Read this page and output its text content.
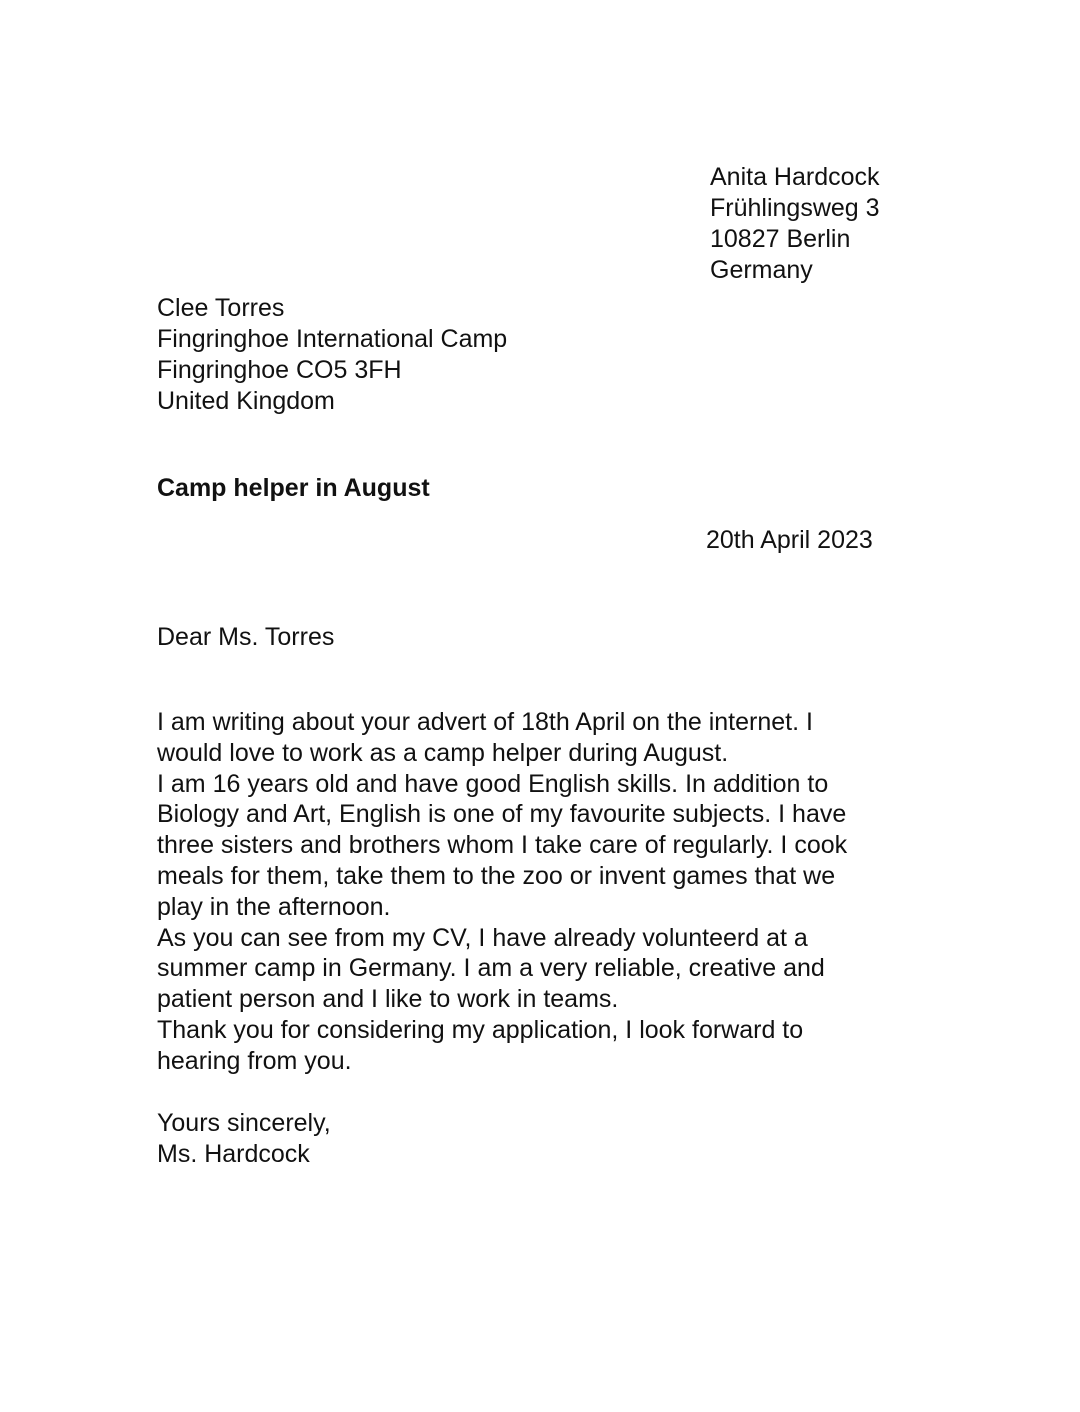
Anita Hardcock
Frühlingsweg 3
10827 Berlin
Germany
Clee Torres
Fingringhoe International Camp
Fingringhoe CO5 3FH
United Kingdom
Camp helper in August
20th April 2023
Dear Ms. Torres
I am writing about your advert of 18th April on the internet. I
would love to work as a camp helper during August.
I am 16 years old and have good English skills. In addition to
Biology and Art, English is one of my favourite subjects. I have
three sisters and brothers whom I take care of regularly. I cook
meals for them, take them to the zoo or invent games that we
play in the afternoon.
As you can see from my CV, I have already volunteerd at a
summer camp in Germany. I am a very reliable, creative and
patient person and I like to work in teams.
Thank you for considering my application, I look forward to
hearing from you.
Yours sincerely,
Ms. Hardcock
